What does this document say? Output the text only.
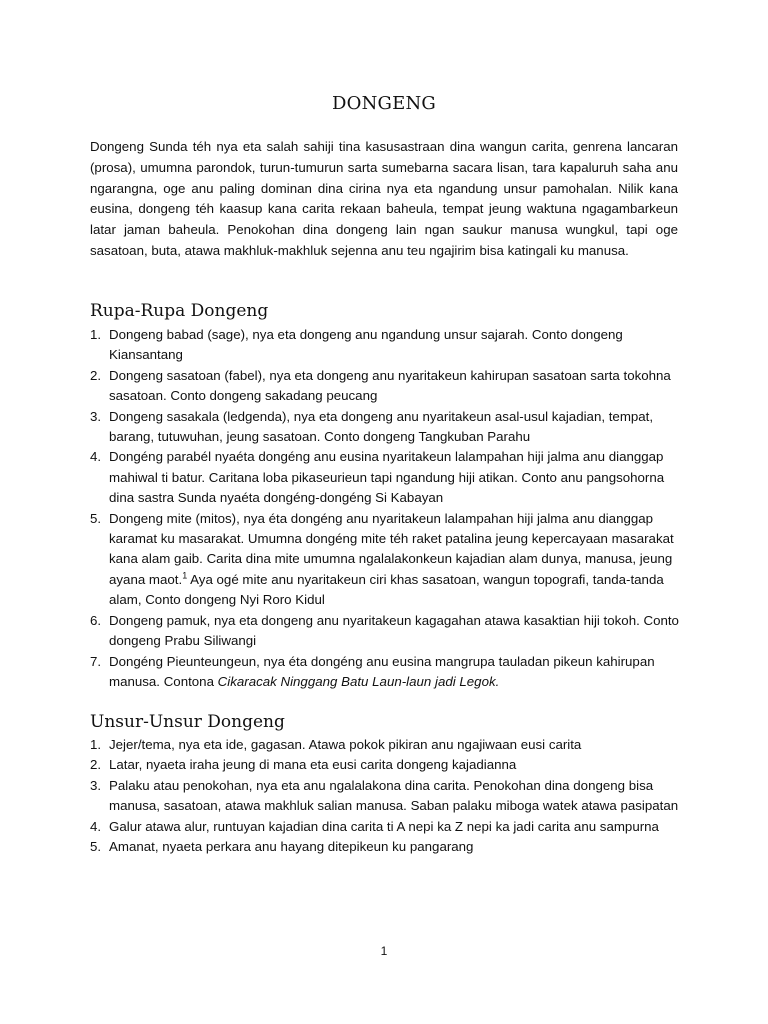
DONGENG

Dongeng Sunda téh nya eta salah sahiji tina kasusastraan dina wangun carita, genrena lancaran (prosa), umumna parondok, turun-tumurun sarta sumebarna sacara lisan, tara kapaluruh saha anu ngarangna, oge anu paling dominan dina cirina nya eta ngandung unsur pamohalan. Nilik kana eusina, dongeng téh kaasup kana carita rekaan baheula, tempat jeung waktuna ngagambarkeun latar jaman baheula. Penokohan dina dongeng lain ngan saukur manusa wungkul, tapi oge sasatoan, buta, atawa makhluk-makhluk sejenna anu teu ngajirim bisa katingali ku manusa.

Rupa-Rupa Dongeng
1. Dongeng babad (sage), nya eta dongeng anu ngandung unsur sajarah. Conto dongeng Kiansantang
2. Dongeng sasatoan (fabel), nya eta dongeng anu nyaritakeun kahirupan sasatoan sarta tokohna sasatoan. Conto dongeng sakadang peucang
3. Dongeng sasakala (ledgenda), nya eta dongeng anu nyaritakeun asal-usul kajadian, tempat, barang, tutuwuhan, jeung sasatoan. Conto dongeng Tangkuban Parahu
4. Dongéng parabél nyaéta dongéng anu eusina nyaritakeun lalampahan hiji jalma anu dianggap mahiwal ti batur. Caritana loba pikaseurieun tapi ngandung hiji atikan. Conto anu pangsohorna dina sastra Sunda nyaéta dongéng-dongéng Si Kabayan
5. Dongeng mite (mitos), nya éta dongéng anu nyaritakeun lalampahan hiji jalma anu dianggap karamat ku masarakat. Umumna dongéng mite téh raket patalina jeung kepercayaan masarakat kana alam gaib. Carita dina mite umumna ngalalakonkeun kajadian alam dunya, manusa, jeung ayana maot.$^1$ Aya ogé mite anu nyaritakeun ciri khas sasatoan, wangun topografi, tanda-tanda alam, Conto dongeng Nyi Roro Kidul
6. Dongeng pamuk, nya eta dongeng anu nyaritakeun kagagahan atawa kasaktian hiji tokoh. Conto dongeng Prabu Siliwangi
7. Dongéng Pieunteungeun, nya éta dongéng anu eusina mangrupa tauladan pikeun kahirupan manusa. Contona Cikaracak Ninggang Batu Laun-laun jadi Legok.
Unsur-Unsur Dongeng
1. Jejer/tema, nya eta ide, gagasan. Atawa pokok pikiran anu ngajiwaan eusi carita
2. Latar, nyaeta iraha jeung di mana eta eusi carita dongeng kajadianna
3. Palaku atau penokohan, nya eta anu ngalalakona dina carita. Penokohan dina dongeng bisa manusa, sasatoan, atawa makhluk salian manusa. Saban palaku miboga watek atawa pasipatan
4. Galur atawa alur, runtuyan kajadian dina carita ti A nepi ka Z nepi ka jadi carita anu sampurna
5. Amanat, nyaeta perkara anu hayang ditepikeun ku pangarang
1
